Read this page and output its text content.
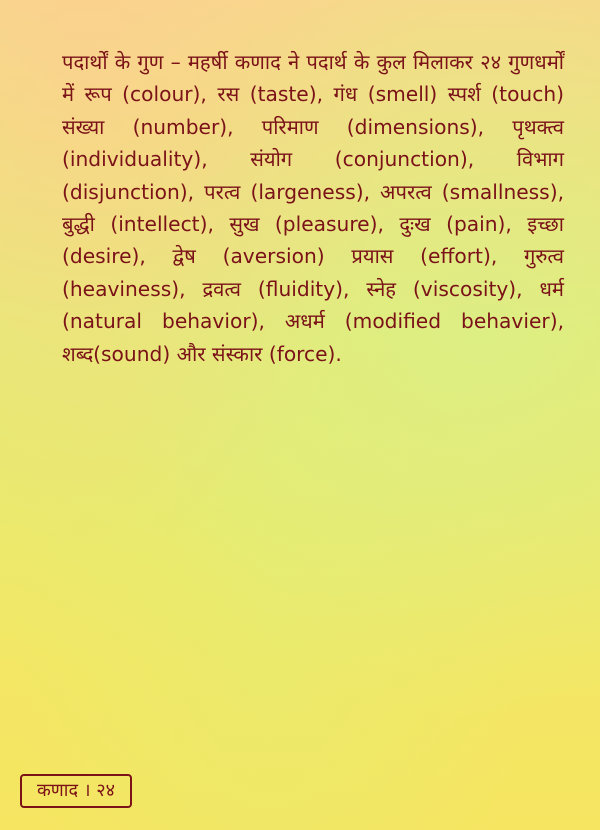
पदार्थों के गुण – महर्षी कणाद ने पदार्थ के कुल मिलाकर २४ गुणधर्मों में रूप (colour), रस (taste), गंध (smell) स्पर्श (touch) संख्या (number), परिमाण (dimensions), पृथक्त्व (individuality), संयोग (conjunction), विभाग (disjunction), परत्व (largeness), अपरत्व (smallness), बुद्धी (intellect), सुख (pleasure), दुःख (pain), इच्छा (desire), द्वेष (aversion) प्रयास (effort), गुरुत्व (heaviness), द्रवत्व (fluidity), स्नेह (viscosity), धर्म (natural behavior), अधर्म (modified behavier), शब्द(sound) और संस्कार (force).

कणाद । २४
